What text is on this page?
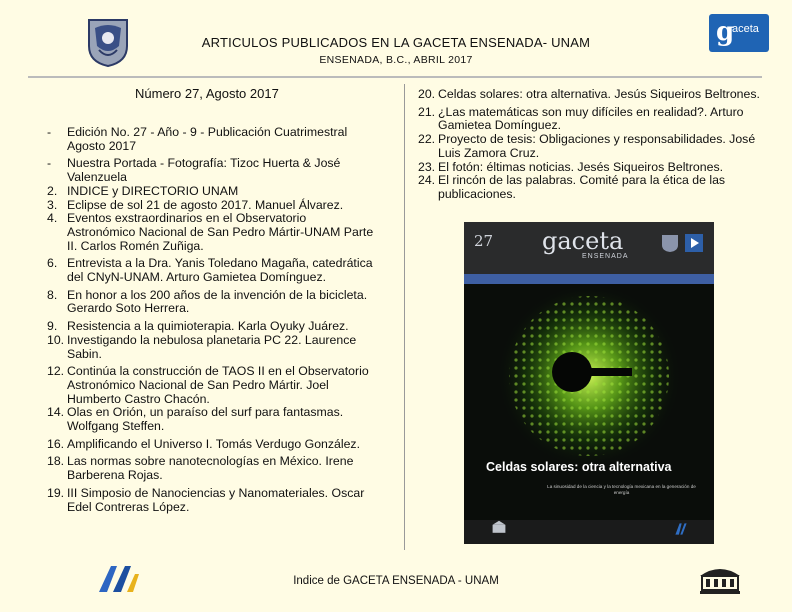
ARTICULOS PUBLICADOS EN LA GACETA ENSENADA- UNAM
ENSENADA, B.C., ABRIL 2017
g
aceta
Número 27, Agosto 2017
- Edición No. 27 - Año - 9 - Publicación Cuatrimestral Agosto 2017
- Nuestra Portada - Fotografía: Tizoc Huerta & José Valenzuela
2. INDICE y DIRECTORIO UNAM
3. Eclipse de sol 21 de agosto 2017. Manuel Álvarez.
4. Eventos exstraordinarios en el Observatorio Astronómico Nacional de San Pedro Mártir-UNAM Parte II. Carlos Romén Zuñiga.
6. Entrevista a la Dra. Yanis Toledano Magaña, catedrática del CNyN-UNAM. Arturo Gamietea Domínguez.
8. En honor a los 200 años de la invención de la bicicleta. Gerardo Soto Herrera.
9. Resistencia a la quimioterapia. Karla Oyuky Juárez.
10. Investigando la nebulosa planetaria PC 22. Laurence Sabin.
12. Continúa la construcción de TAOS II en el Observatorio Astronómico Nacional de San Pedro Mártir. Joel Humberto Castro Chacón.
14. Olas en Orión, un paraíso del surf para fantasmas. Wolfgang Steffen.
16. Amplificando el Universo I. Tomás Verdugo González.
18. Las normas sobre nanotecnologías en México. Irene Barberena Rojas.
19. III Simposio de Nanociencias y Nanomateriales. Oscar Edel Contreras López.
20. Celdas solares: otra alternativa. Jesús Siqueiros Beltrones.
21. ¿Las matemáticas son muy difíciles en realidad?. Arturo Gamietea Domínguez.
22. Proyecto de tesis: Obligaciones y responsabilidades. José Luis Zamora Cruz.
23. El fotón: éltimas noticias. Jesés Siqueiros Beltrones.
24. El rincón de las palabras. Comité para la ética de las publicaciones.
27 gaceta
ENSENADA
Celdas solares: otra alternativa
La sinuosidad de la ciencia y la tecnología mexicana en la generación de energía
Indice de GACETA ENSENADA - UNAM
